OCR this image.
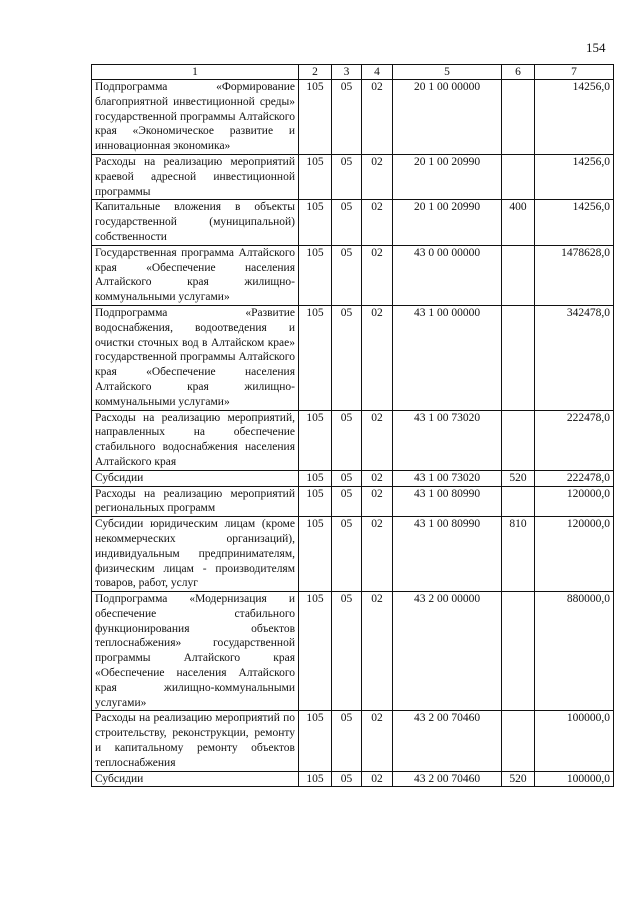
154
1	2	3	4	5	6	7
Подпрограмма «Формирование благоприятной инвестиционной среды» государственной программы Алтайского края «Экономическое развитие и инновационная экономика»	105	05	02	20 1 00 00000		14256,0
Расходы на реализацию мероприятий краевой адресной инвестиционной программы	105	05	02	20 1 00 20990		14256,0
Капитальные вложения в объекты государственной (муниципальной) собственности	105	05	02	20 1 00 20990	400	14256,0
Государственная программа Алтайского края «Обеспечение населения Алтайского края жилищно-коммунальными услугами»	105	05	02	43 0 00 00000		1478628,0
Подпрограмма «Развитие водоснабжения, водоотведения и очистки сточных вод в Алтайском крае» государственной программы Алтайского края «Обеспечение населения Алтайского края жилищно-коммунальными услугами»	105	05	02	43 1 00 00000		342478,0
Расходы на реализацию мероприятий, направленных на обеспечение стабильного водоснабжения населения Алтайского края	105	05	02	43 1 00 73020		222478,0
Субсидии	105	05	02	43 1 00 73020	520	222478,0
Расходы на реализацию мероприятий региональных программ	105	05	02	43 1 00 80990		120000,0
Субсидии юридическим лицам (кроме некоммерческих организаций), индивидуальным предпринимателям, физическим лицам - производителям товаров, работ, услуг	105	05	02	43 1 00 80990	810	120000,0
Подпрограмма «Модернизация и обеспечение стабильного функционирования объектов теплоснабжения» государственной программы Алтайского края «Обеспечение населения Алтайского края жилищно-коммунальными услугами»	105	05	02	43 2 00 00000		880000,0
Расходы на реализацию мероприятий по строительству, реконструкции, ремонту и капитальному ремонту объектов теплоснабжения	105	05	02	43 2 00 70460		100000,0
Субсидии	105	05	02	43 2 00 70460	520	100000,0
